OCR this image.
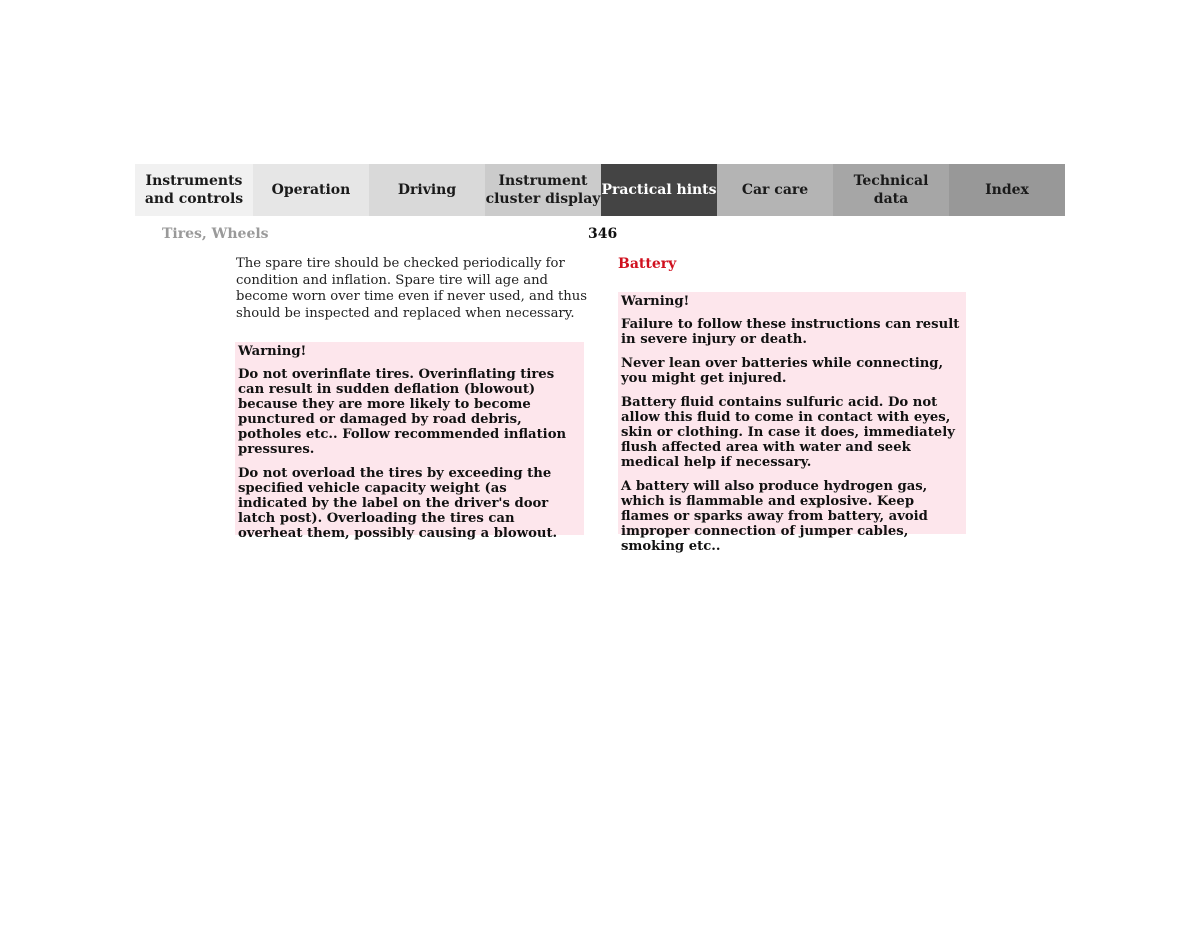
Instruments
and controls
Operation	Driving
Instrument
cluster display
Practical hints	Car care
Technical
data
Index
Tires, Wheels	346
The spare tire should be checked periodically for condition and inflation. Spare tire will age and become worn over time even if never used, and thus should be inspected and replaced when necessary.
Warning!

Do not overinflate tires. Overinflating tires can result in sudden deflation (blowout) because they are more likely to become punctured or damaged by road debris, potholes etc.. Follow recommended inflation pressures.

Do not overload the tires by exceeding the specified vehicle capacity weight (as indicated by the label on the driver's door latch post). Overloading the tires can overheat them, possibly causing a blowout.

Battery
Warning!

Failure to follow these instructions can result in severe injury or death.

Never lean over batteries while connecting, you might get injured.

Battery fluid contains sulfuric acid. Do not allow this fluid to come in contact with eyes, skin or clothing. In case it does, immediately flush affected area with water and seek medical help if necessary.

A battery will also produce hydrogen gas, which is flammable and explosive. Keep flames or sparks away from battery, avoid improper connection of jumper cables, smoking etc..
